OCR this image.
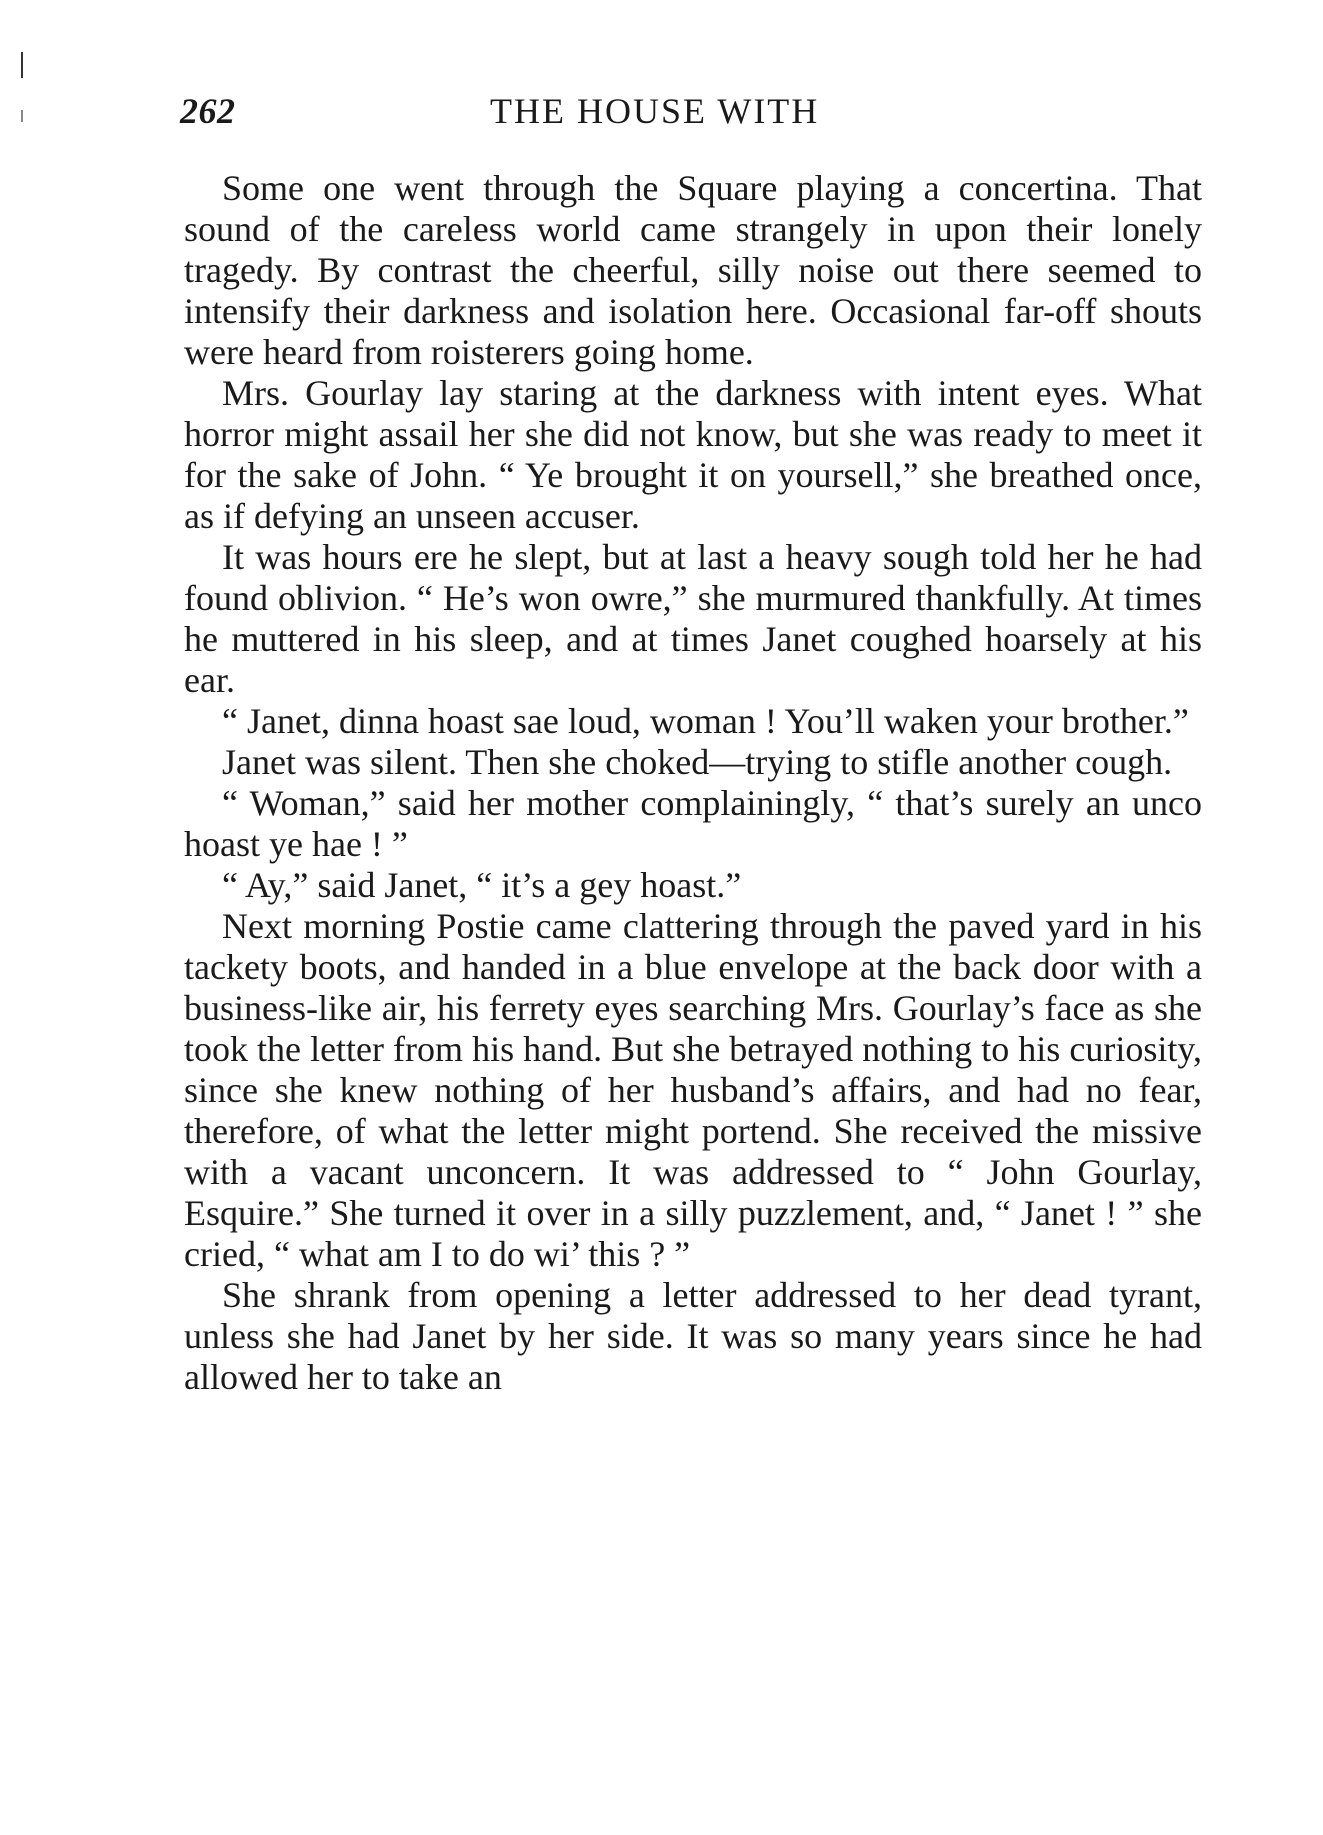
262	THE HOUSE WITH

Some one went through the Square playing a concertina. That sound of the careless world came strangely in upon their lonely tragedy. By contrast the cheerful, silly noise out there seemed to intensify their darkness and isolation here. Occasional far-off shouts were heard from roisterers going home.

Mrs. Gourlay lay staring at the darkness with intent eyes. What horror might assail her she did not know, but she was ready to meet it for the sake of John. “ Ye brought it on yoursell,” she breathed once, as if defying an unseen accuser.

It was hours ere he slept, but at last a heavy sough told her he had found oblivion. “ He’s won owre,” she murmured thankfully. At times he muttered in his sleep, and at times Janet coughed hoarsely at his ear.

“ Janet, dinna hoast sae loud, woman ! You’ll waken your brother.”

Janet was silent. Then she choked—trying to stifle another cough.

“ Woman,” said her mother complainingly, “ that’s surely an unco hoast ye hae ! ”

“ Ay,” said Janet, “ it’s a gey hoast.”

Next morning Postie came clattering through the paved yard in his tackety boots, and handed in a blue envelope at the back door with a business-like air, his ferrety eyes searching Mrs. Gourlay’s face as she took the letter from his hand. But she betrayed nothing to his curiosity, since she knew nothing of her husband’s affairs, and had no fear, therefore, of what the letter might portend. She received the missive with a vacant unconcern. It was addressed to “ John Gourlay, Esquire.” She turned it over in a silly puzzlement, and, “ Janet ! ” she cried, “ what am I to do wi’ this ? ”

She shrank from opening a letter addressed to her dead tyrant, unless she had Janet by her side. It was so many years since he had allowed her to take an
